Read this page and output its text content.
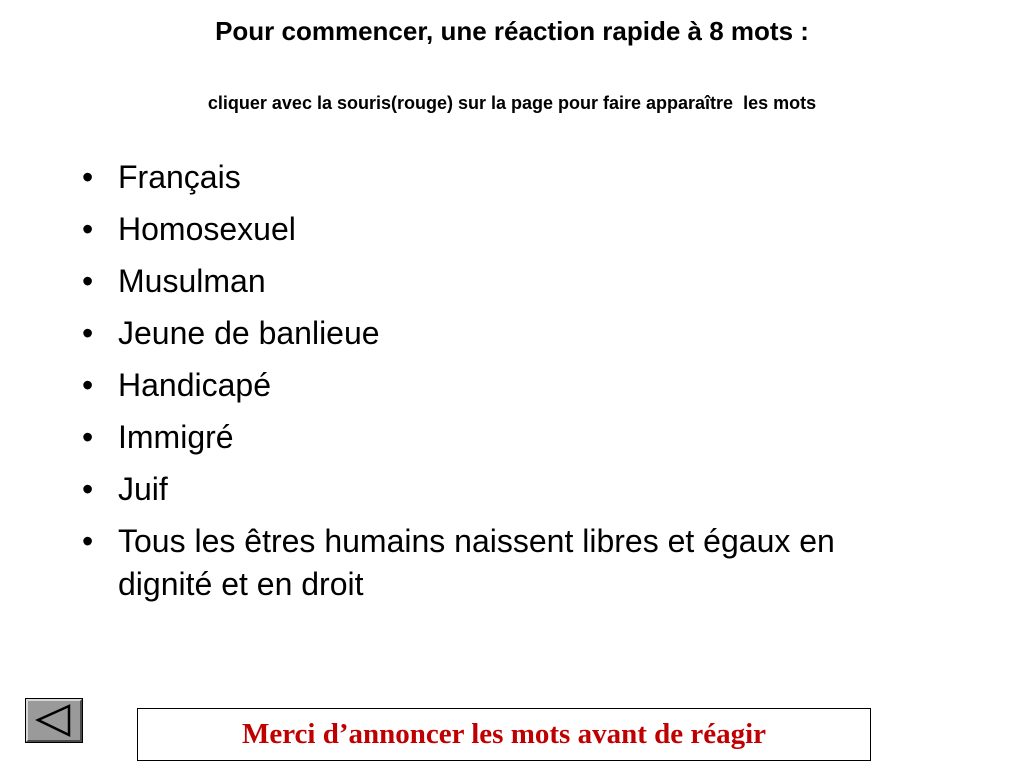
Pour commencer, une réaction rapide à 8 mots :
cliquer avec la souris(rouge) sur la page pour faire apparaître les mots
• Français
• Homosexuel
• Musulman
• Jeune de banlieue
• Handicapé
• Immigré
• Juif
• Tous les êtres humains naissent libres et égaux en
dignité et en droit
Merci d’annoncer les mots avant de réagir
